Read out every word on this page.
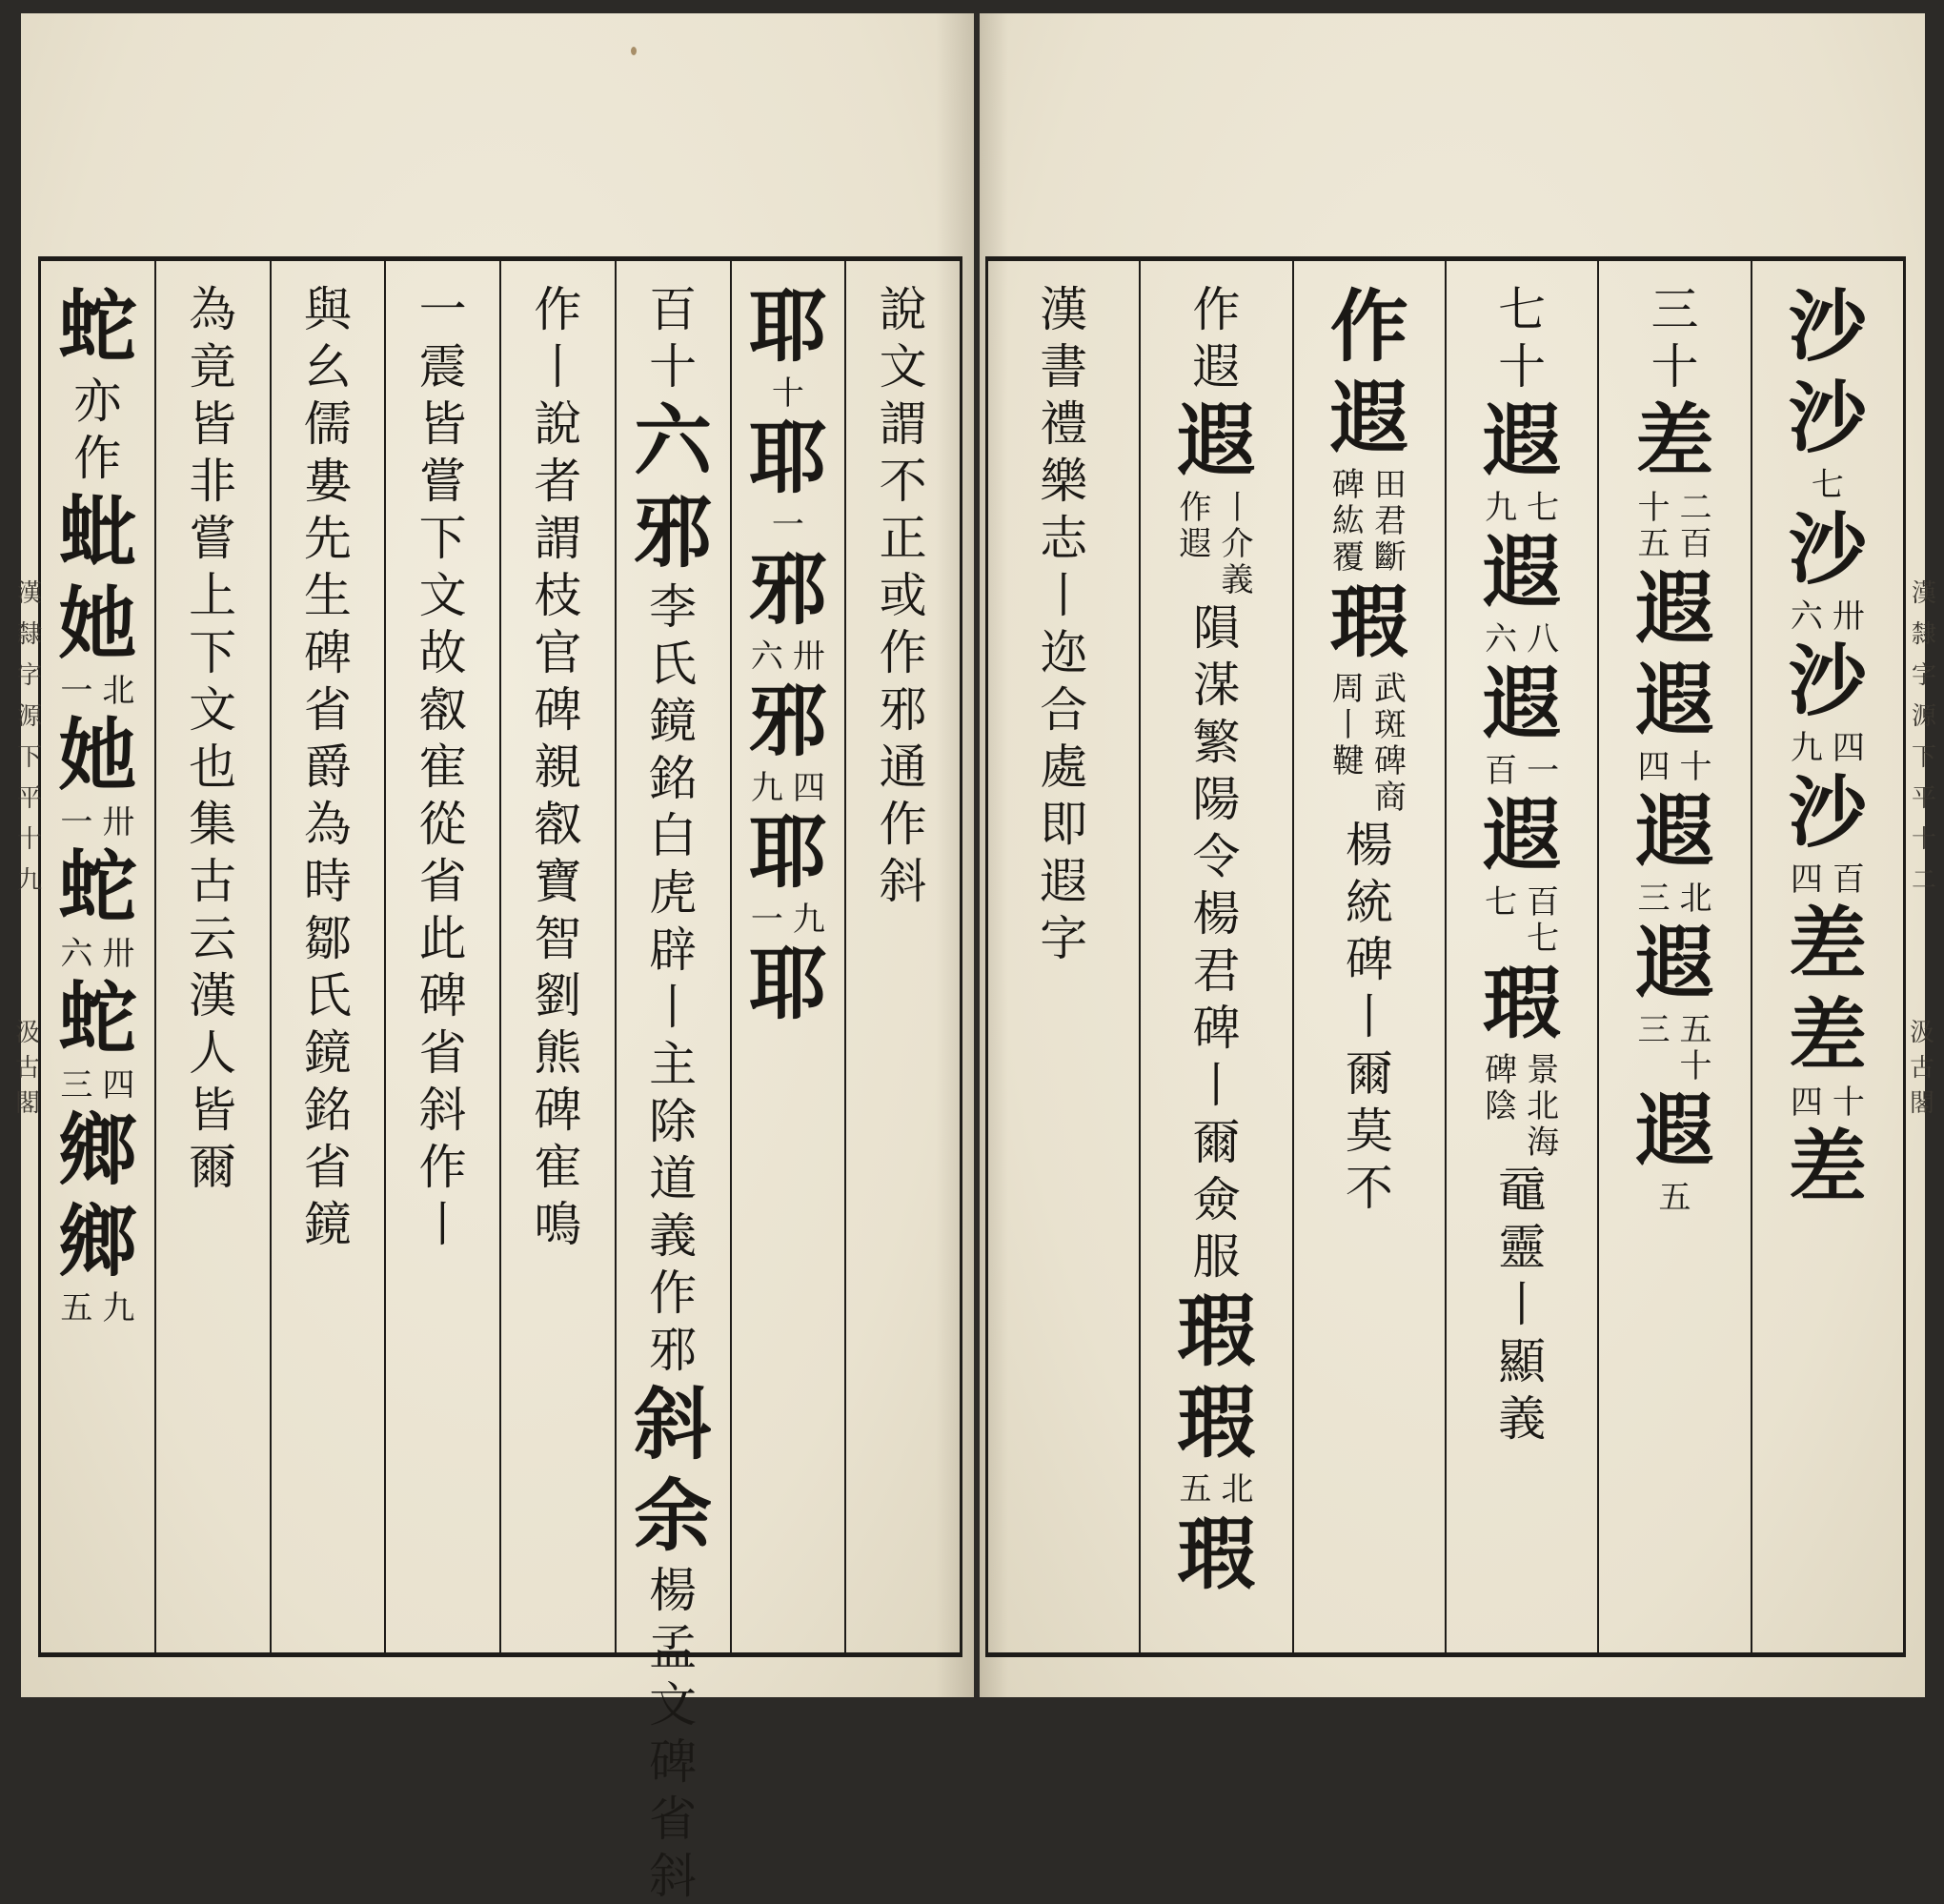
說
文
謂
不
正
或
作
邪
通
作
斜
耶
十
耶
一
邪
卅
六
邪
四
九
耶
九
一
耶
百
十
六
邪
李
氏
鏡
銘
白
虎
辟
丨
主
除
道
義
作
邪
斜
余
楊
孟
文
碑
省
斜
作
丨
說
者
謂
枝
官
碑
親
㕡
寶
智
劉
熊
碑
寉
鳴
一
震
皆
嘗
下
文
故
㕡
寉
從
省
此
碑
省
斜
作
丨
與
幺
儒
婁
先
生
碑
省
爵
為
時
鄒
氏
鏡
銘
省
鏡
為
竟
皆
非
嘗
上
下
文
也
集
古
云
漢
人
皆
爾
蛇
亦
作
蚍
她
北
一
她
卅
一
蛇
卅
六
蛇
四
三
鄉
鄉
九
五
漢
隸
字
源
下
平
十
九
汲古閣
沙
沙
七
沙
卅
六
沙
四
九
沙
百
四
差
差
十
四
差
三
十
差
二
百
十
五
遐
遐
十
四
遐
北
三
遐
五
十
三
遐
五
七
十
遐
七
九
遐
八
六
遐
一
百
遐
百
七
七
瑕
景
北
海
碑
陰
黿
靈
丨
顯
義
作
遐
田
君
斷
碑
紘
覆
瑕
武
斑
碑
商
周
丨
鞬
楊
統
碑
丨
爾
莫
不
作
遐
遐
丨
介
義
作
遐
隕
湈
繁
陽
令
楊
君
碑
丨
爾
僉
服
瑕
瑕
北
五
瑕
漢
書
禮
樂
志
丨
迩
合
處
即
遐
字
漢
隸
字
源
下
平
十
二
汲古閣
